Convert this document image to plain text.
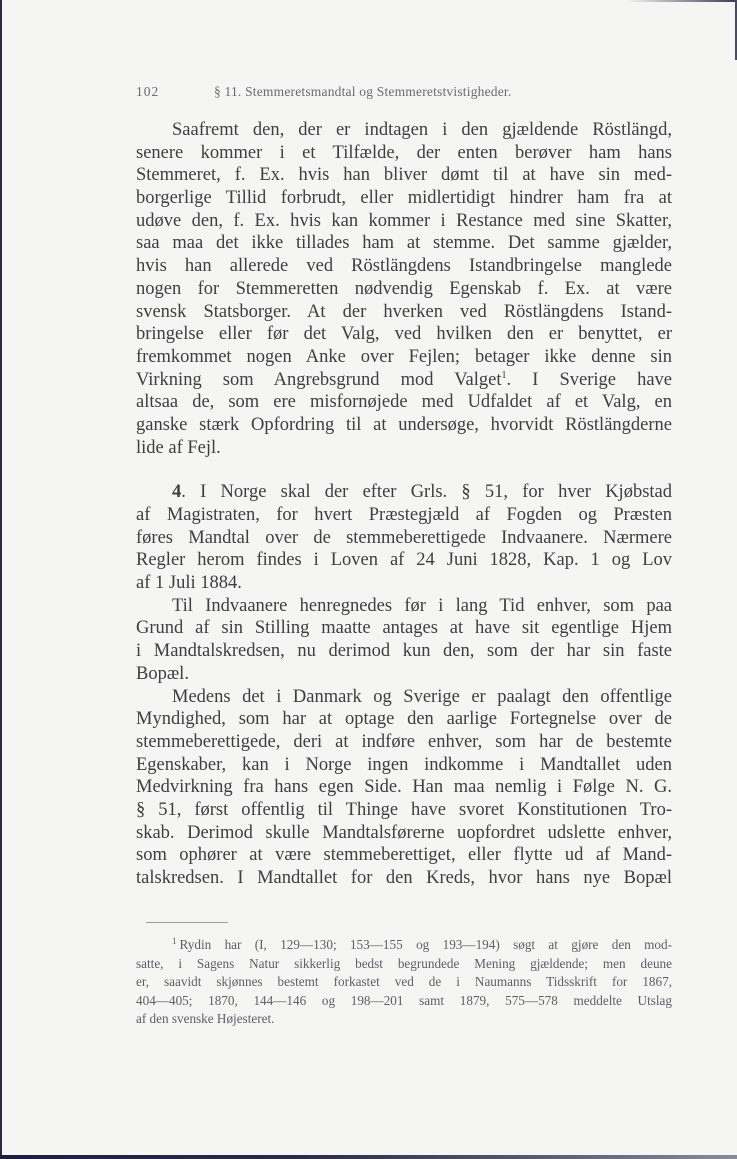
102	§ 11. Stemmeretsmandtal og Stemmeretstvistigheder.
Saafremt den, der er indtagen i den gjældende Röstlängd,
senere kommer i et Tilfælde, der enten berøver ham hans
Stemmeret, f. Ex. hvis han bliver dømt til at have sin med-
borgerlige Tillid forbrudt, eller midlertidigt hindrer ham fra at
udøve den, f. Ex. hvis kan kommer i Restance med sine Skatter,
saa maa det ikke tillades ham at stemme. Det samme gjælder,
hvis han allerede ved Röstlängdens Istandbringelse manglede
nogen for Stemmeretten nødvendig Egenskab f. Ex. at være
svensk Statsborger. At der hverken ved Röstlängdens Istand-
bringelse eller før det Valg, ved hvilken den er benyttet, er
fremkommet nogen Anke over Fejlen; betager ikke denne sin
Virkning som Angrebsgrund mod Valget$^1$. I Sverige have
altsaa de, som ere misfornøjede med Udfaldet af et Valg, en
ganske stærk Opfordring til at undersøge, hvorvidt Röstlängderne
lide af Fejl.
4. I Norge skal der efter Grls. § 51, for hver Kjøbstad
af Magistraten, for hvert Præstegjæld af Fogden og Præsten
føres Mandtal over de stemmeberettigede Indvaanere. Nærmere
Regler herom findes i Loven af 24 Juni 1828, Kap. 1 og Lov
af 1 Juli 1884.
Til Indvaanere henregnedes før i lang Tid enhver, som paa
Grund af sin Stilling maatte antages at have sit egentlige Hjem
i Mandtalskredsen, nu derimod kun den, som der har sin faste
Bopæl.
Medens det i Danmark og Sverige er paalagt den offentlige
Myndighed, som har at optage den aarlige Fortegnelse over de
stemmeberettigede, deri at indføre enhver, som har de bestemte
Egenskaber, kan i Norge ingen indkomme i Mandtallet uden
Medvirkning fra hans egen Side. Han maa nemlig i Følge N. G.
§ 51, først offentlig til Thinge have svoret Konstitutionen Tro-
skab. Derimod skulle Mandtalsførerne uopfordret udslette enhver,
som ophører at være stemmeberettiget, eller flytte ud af Mand-
talskredsen. I Mandtallet for den Kreds, hvor hans nye Bopæl
$^1$ Rydin har (I, 129—130; 153—155 og 193—194) søgt at gjøre den mod-
satte, i Sagens Natur sikkerlig bedst begrundede Mening gjældende; men deune
er, saavidt skjønnes bestemt forkastet ved de i Naumanns Tidsskrift for 1867,
404—405; 1870, 144—146 og 198—201 samt 1879, 575—578 meddelte Utslag
af den svenske Højesteret.
